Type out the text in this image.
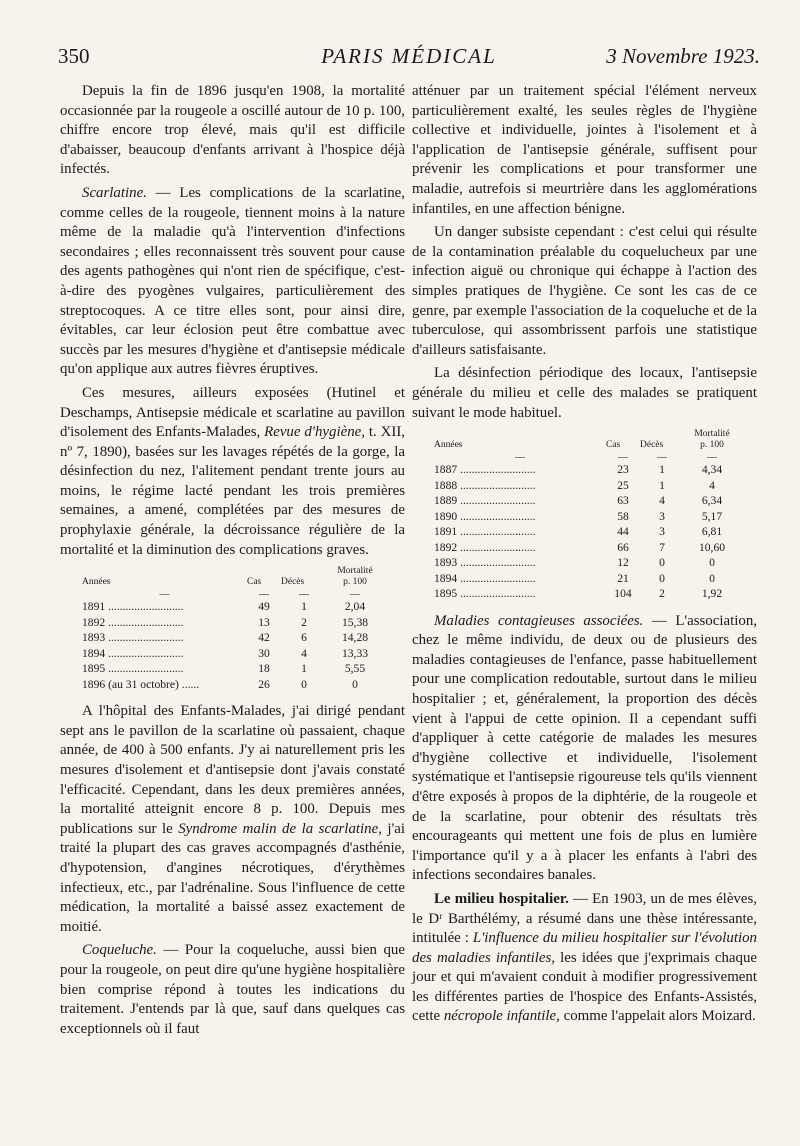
350	PARIS MÉDICAL	3 Novembre 1923.

Depuis la fin de 1896 jusqu'en 1908, la mortalité occasionnée par la rougeole a oscillé autour de 10 p. 100, chiffre encore trop élevé, mais qu'il est difficile d'abaisser, beaucoup d'enfants arrivant à l'hospice déjà infectés.

Scarlatine. — Les complications de la scarlatine, comme celles de la rougeole, tiennent moins à la nature même de la maladie qu'à l'intervention d'infections secondaires ; elles reconnaissent très souvent pour cause des agents pathogènes qui n'ont rien de spécifique, c'est-à-dire des pyogènes vulgaires, particulièrement des streptocoques. A ce titre elles sont, pour ainsi dire, évitables, car leur éclosion peut être combattue avec succès par les mesures d'hygiène et d'antisepsie médicale qu'on applique aux autres fièvres éruptives.

Ces mesures, ailleurs exposées (Hutinel et Deschamps, Antisepsie médicale et scarlatine au pavillon d'isolement des Enfants-Malades, Revue d'hygiène, t. XII, nº 7, 1890), basées sur les lavages répétés de la gorge, la désinfection du nez, l'alitement pendant trente jours au moins, le régime lacté pendant les trois premières semaines, a amené, complétées par des mesures de prophylaxie générale, la décroissance régulière de la mortalité et la diminution des complications graves.

Années	Cas	Décès	Mortalité
p. 100
—	—	—	—
1891 ..........................	49	1	2,04
1892 ..........................	13	2	15,38
1893 ..........................	42	6	14,28
1894 ..........................	30	4	13,33
1895 ..........................	18	1	5,55
1896 (au 31 octobre) ......	26	0	0

A l'hôpital des Enfants-Malades, j'ai dirigé pendant sept ans le pavillon de la scarlatine où passaient, chaque année, de 400 à 500 enfants. J'y ai naturellement pris les mesures d'isolement et d'antisepsie dont j'avais constaté l'efficacité. Cependant, dans les deux premières années, la mortalité atteignit encore 8 p. 100. Depuis mes publications sur le Syndrome malin de la scarlatine, j'ai traité la plupart des cas graves accompagnés d'asthénie, d'hypotension, d'angines nécrotiques, d'érythèmes infectieux, etc., par l'adrénaline. Sous l'influence de cette médication, la mortalité a baissé assez exactement de moitié.

Coqueluche. — Pour la coqueluche, aussi bien que pour la rougeole, on peut dire qu'une hygiène hospitalière bien comprise répond à toutes les indications du traitement. J'entends par là que, sauf dans quelques cas exceptionnels où il faut

atténuer par un traitement spécial l'élément nerveux particulièrement exalté, les seules règles de l'hygiène collective et individuelle, jointes à l'isolement et à l'application de l'antisepsie générale, suffisent pour prévenir les complications et pour transformer une maladie, autrefois si meurtrière dans les agglomérations infantiles, en une affection bénigne.

Un danger subsiste cependant : c'est celui qui résulte de la contamination préalable du coquelucheux par une infection aiguë ou chronique qui échappe à l'action des simples pratiques de l'hygiène. Ce sont les cas de ce genre, par exemple l'association de la coqueluche et de la tuberculose, qui assombrissent parfois une statistique d'ailleurs satisfaisante.

La désinfection périodique des locaux, l'antisepsie générale du milieu et celle des malades se pratiquent suivant le mode habituel.

Années	Cas	Décès	Mortalité
p. 100
—	—	—	—
1887 ..........................	23	1	4,34
1888 ..........................	25	1	4
1889 ..........................	63	4	6,34
1890 ..........................	58	3	5,17
1891 ..........................	44	3	6,81
1892 ..........................	66	7	10,60
1893 ..........................	12	0	0
1894 ..........................	21	0	0
1895 ..........................	104	2	1,92

Maladies contagieuses associées. — L'association, chez le même individu, de deux ou de plusieurs des maladies contagieuses de l'enfance, passe habituellement pour une complication redoutable, surtout dans le milieu hospitalier ; et, généralement, la proportion des décès vient à l'appui de cette opinion. Il a cependant suffi d'appliquer à cette catégorie de malades les mesures d'hygiène collective et individuelle, l'isolement systématique et l'antisepsie rigoureuse tels qu'ils viennent d'être exposés à propos de la diphtérie, de la rougeole et de la scarlatine, pour obtenir des résultats très encourageants qui mettent une fois de plus en lumière l'importance qu'il y a à placer les enfants à l'abri des infections secondaires banales.

Le milieu hospitalier. — En 1903, un de mes élèves, le Dʳ Barthélémy, a résumé dans une thèse intéressante, intitulée : L'influence du milieu hospitalier sur l'évolution des maladies infantiles, les idées que j'exprimais chaque jour et qui m'avaient conduit à modifier progressivement les différentes parties de l'hospice des Enfants-Assistés, cette nécropole infantile, comme l'appelait alors Moizard.
